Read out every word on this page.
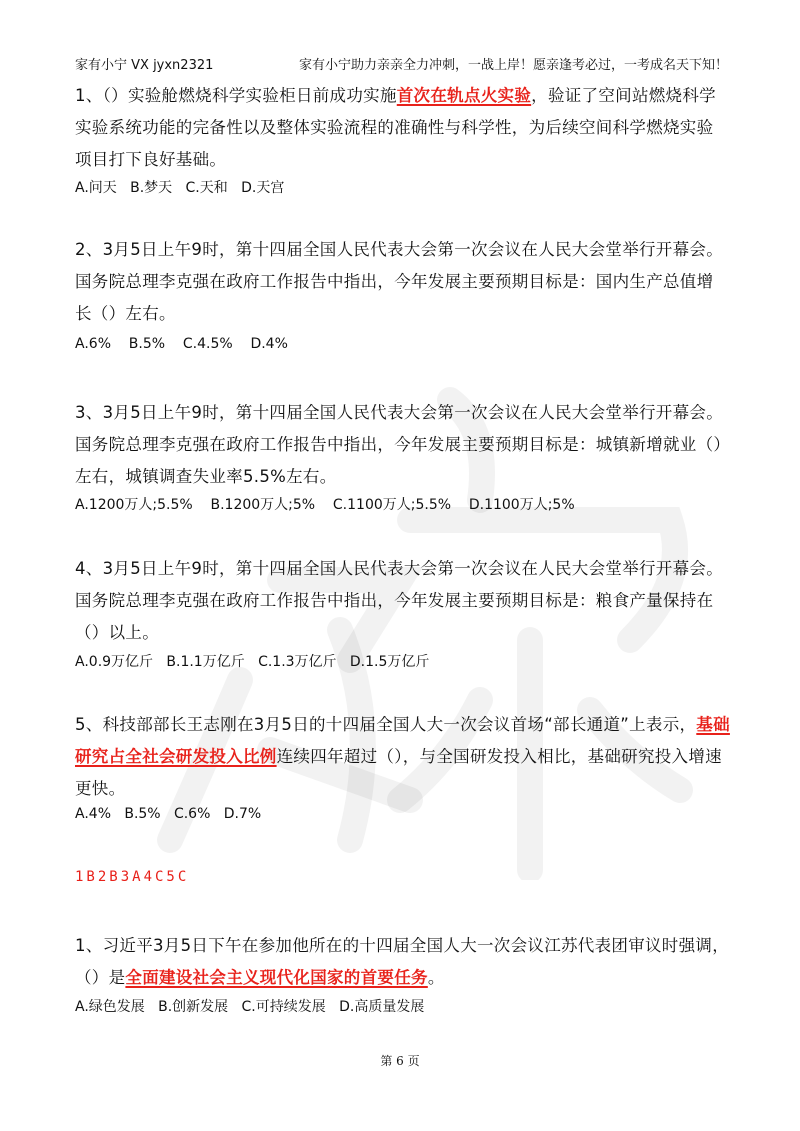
家有小宁 VX jyxn2321	家有小宁助力亲亲全力冲刺，一战上岸！愿亲逢考必过，一考成名天下知！
1、（）实验舱燃烧科学实验柜日前成功实施首次在轨点火实验，验证了空间站燃烧科学实验系统功能的完备性以及整体实验流程的准确性与科学性，为后续空间科学燃烧实验项目打下良好基础。
A.问天   B.梦天   C.天和   D.天宫
2、3月5日上午9时，第十四届全国人民代表大会第一次会议在人民大会堂举行开幕会。国务院总理李克强在政府工作报告中指出，今年发展主要预期目标是：国内生产总值增长（）左右。
A.6%    B.5%    C.4.5%    D.4%
3、3月5日上午9时，第十四届全国人民代表大会第一次会议在人民大会堂举行开幕会。国务院总理李克强在政府工作报告中指出，今年发展主要预期目标是：城镇新增就业（）左右，城镇调查失业率5.5%左右。
A.1200万人;5.5%    B.1200万人;5%    C.1100万人;5.5%    D.1100万人;5%
4、3月5日上午9时，第十四届全国人民代表大会第一次会议在人民大会堂举行开幕会。国务院总理李克强在政府工作报告中指出，今年发展主要预期目标是：粮食产量保持在（）以上。
A.0.9万亿斤   B.1.1万亿斤   C.1.3万亿斤   D.1.5万亿斤
5、科技部部长王志刚在3月5日的十四届全国人大一次会议首场“部长通道”上表示，基础研究占全社会研发投入比例连续四年超过（），与全国研发投入相比，基础研究投入增速更快。
A.4%   B.5%   C.6%   D.7%
1B2B3A4C5C
1、习近平3月5日下午在参加他所在的十四届全国人大一次会议江苏代表团审议时强调，（）是全面建设社会主义现代化国家的首要任务。
A.绿色发展   B.创新发展   C.可持续发展   D.高质量发展
第 6 页
